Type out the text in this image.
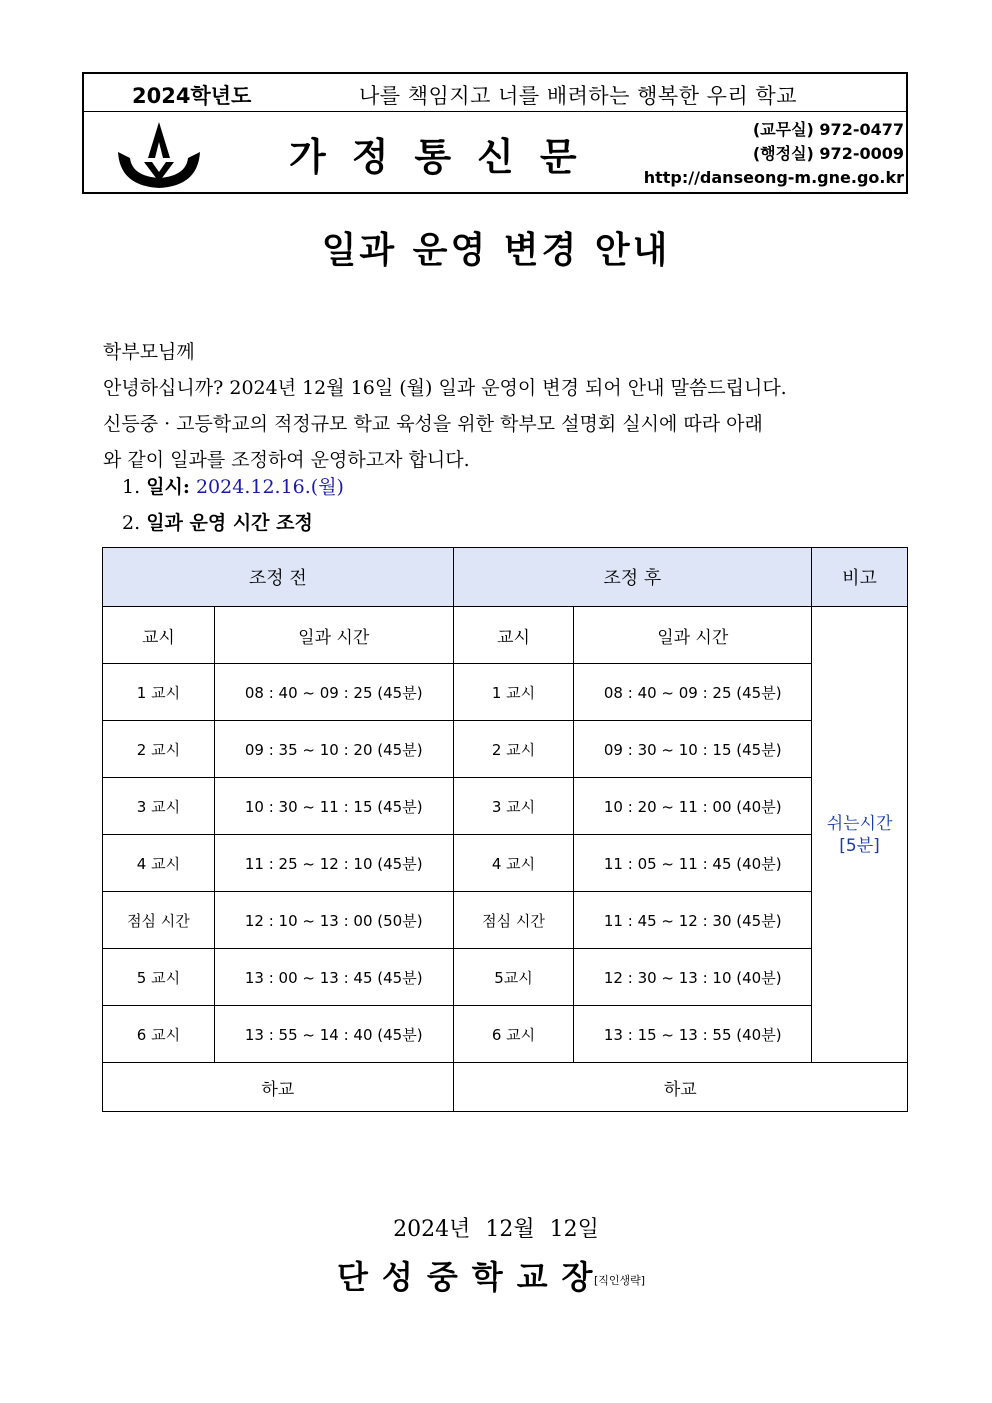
2024학년도	나를 책임지고 너를 배려하는 행복한 우리 학교
가정통신문
(교무실) 972-0477
(행정실) 972-0009
http://danseong-m.gne.go.kr
일과 운영 변경 안내
학부모님께
안녕하십니까? 2024년 12월 16일 (월) 일과 운영이 변경 되어 안내 말씀드립니다.
신등중 · 고등학교의 적정규모 학교 육성을 위한 학부모 설명회 실시에 따라 아래
와 같이 일과를 조정하여 운영하고자 합니다.
1. 일시: 2024.12.16.(월)
2. 일과 운영 시간 조정
조정 전		조정 후		비고
교시	일과 시간	교시	일과 시간	쉬는시간
[5분]

1 교시	08 : 40 ~ 09 : 25 (45분)	1 교시	08 : 40 ~ 09 : 25 (45분)	
2 교시	09 : 35 ~ 10 : 20 (45분)	2 교시	09 : 30 ~ 10 : 15 (45분)	
3 교시	10 : 30 ~ 11 : 15 (45분)	3 교시	10 : 20 ~ 11 : 00 (40분)	
4 교시	11 : 25 ~ 12 : 10 (45분)	4 교시	11 : 05 ~ 11 : 45 (40분)	
점심 시간	12 : 10 ~ 13 : 00 (50분)	점심 시간	11 : 45 ~ 12 : 30 (45분)	
5 교시	13 : 00 ~ 13 : 45 (45분)	5교시	12 : 30 ~ 13 : 10 (40분)	
6 교시	13 : 55 ~ 14 : 40 (45분)	6 교시	13 : 15 ~ 13 : 55 (40분)	
하교		하교		
2024년 12월 12일
단성중학교장
[직인생략]
